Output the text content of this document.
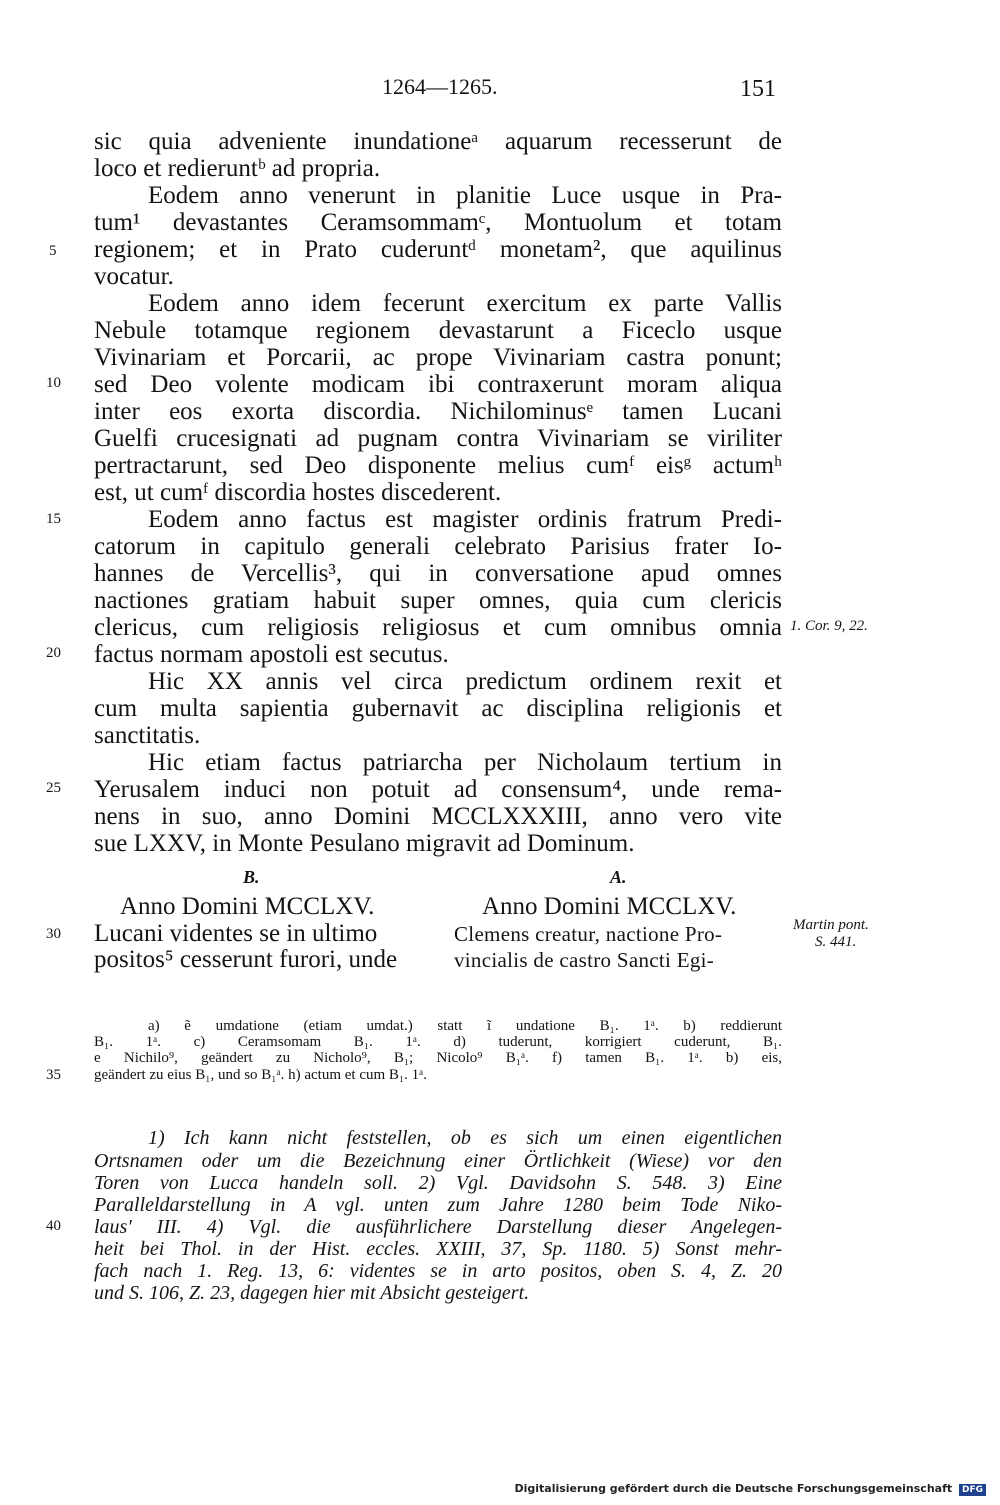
1264—1265.	151
sic quia adveniente inundationeᵃ aquarum recesserunt de
loco et redieruntᵇ ad propria.
Eodem anno venerunt in planitie Luce usque in Pra-
tum¹ devastantes Ceramsommamᶜ, Montuolum et totam
regionem; et in Prato cuderuntᵈ monetam², que aquilinus
vocatur.
Eodem anno idem fecerunt exercitum ex parte Vallis
Nebule totamque regionem devastarunt a Ficeclo usque
Vivinariam et Porcarii, ac prope Vivinariam castra ponunt;
sed Deo volente modicam ibi contraxerunt moram aliqua
inter eos exorta discordia. Nichilominusᵉ tamen Lucani
Guelfi crucesignati ad pugnam contra Vivinariam se viriliter
pertractarunt, sed Deo disponente melius cumᶠ eisᵍ actumʰ
est, ut cumᶠ discordia hostes discederent.
Eodem anno factus est magister ordinis fratrum Predi-
catorum in capitulo generali celebrato Parisius frater Io-
hannes de Vercellis³, qui in conversatione apud omnes
nactiones gratiam habuit super omnes, quia cum clericis
clericus, cum religiosis religiosus et cum omnibus omnia
factus normam apostoli est secutus.
Hic XX annis vel circa predictum ordinem rexit et
cum multa sapientia gubernavit ac disciplina religionis et
sanctitatis.
Hic etiam factus patriarcha per Nicholaum tertium in
Yerusalem induci non potuit ad consensum⁴, unde rema-
nens in suo, anno Domini MCCLXXXIII, anno vero vite
sue LXXV, in Monte Pesulano migravit ad Dominum.
5
10
15
20
25
1. Cor. 9, 22.
B.	A.
Anno Domini MCCLXV.	Anno Domini MCCLXV.
Lucani videntes se in ultimo
positos⁵ cesserunt furori, unde
Clemens creatur, nactione Pro-
vincialis de castro Sancti Egi-
30
Martin pont.
S. 441.
a) ẽ umdatione (etiam umdat.) statt ĩ undatione B₁. 1ᵃ. b) reddierunt
B₁. 1ᵃ. c) Ceramsomam B₁. 1ᵃ. d) tuderunt, korrigiert cuderunt, B₁.
e Nichilo⁹, geändert zu Nicholo⁹, B₁; Nicolo⁹ B₁ᵃ. f) tamen B₁. 1ᵃ. b) eis,
geändert zu eius B₁, und so B₁ᵃ. h) actum et cum B₁. 1ᵃ.
35
1) Ich kann nicht feststellen, ob es sich um einen eigentlichen
Ortsnamen oder um die Bezeichnung einer Örtlichkeit (Wiese) vor den
Toren von Lucca handeln soll. 2) Vgl. Davidsohn S. 548. 3) Eine
Paralleldarstellung in A vgl. unten zum Jahre 1280 beim Tode Niko-
laus' III. 4) Vgl. die ausführlichere Darstellung dieser Angelegen-
heit bei Thol. in der Hist. eccles. XXIII, 37, Sp. 1180. 5) Sonst mehr-
fach nach 1. Reg. 13, 6: videntes se in arto positos, oben S. 4, Z. 20
und S. 106, Z. 23, dagegen hier mit Absicht gesteigert.
40
Digitalisierung gefördert durch die Deutsche Forschungsgemeinschaft DFG
